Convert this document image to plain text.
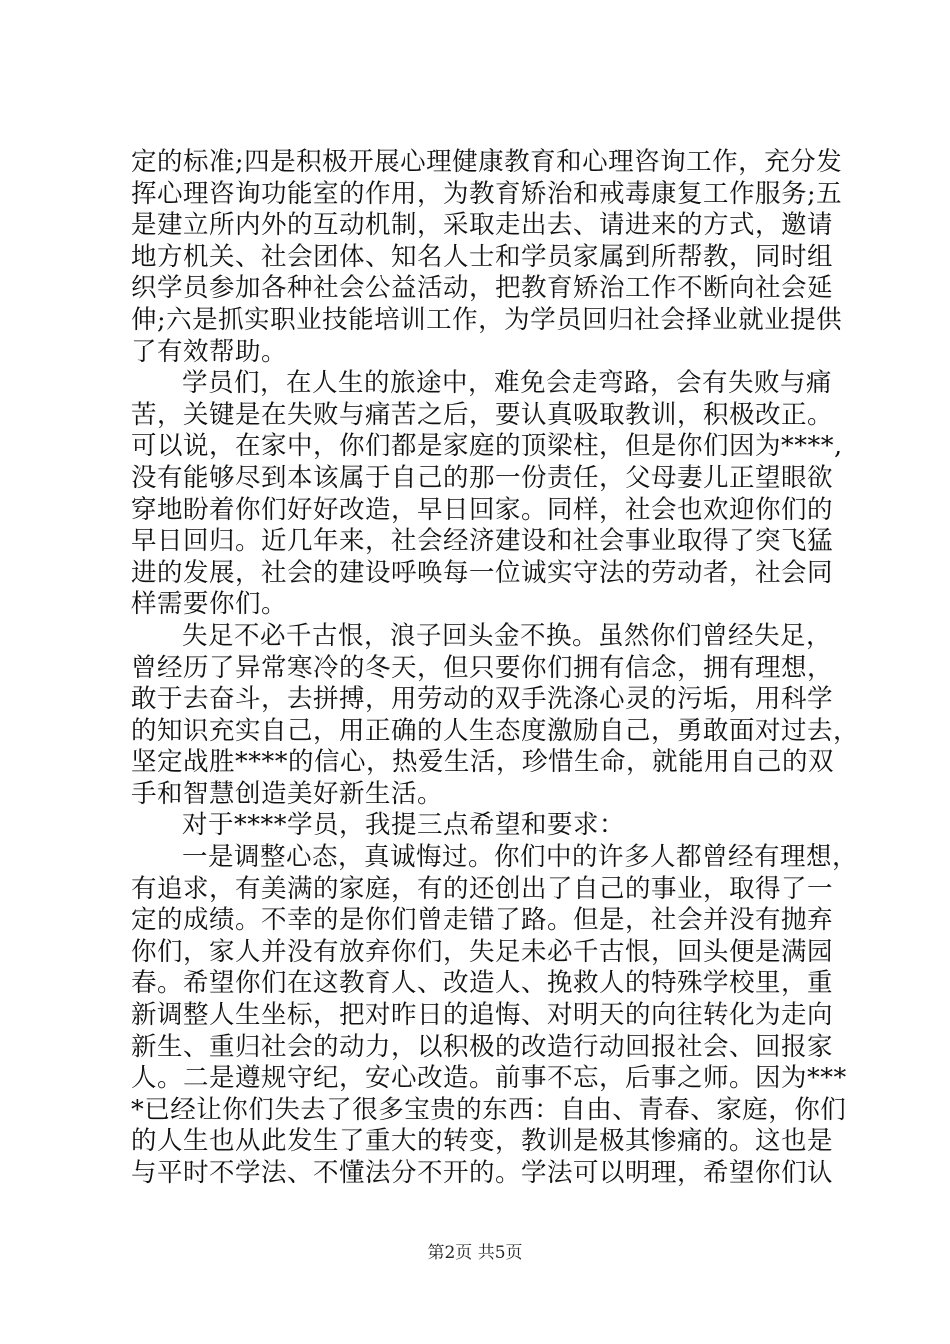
定的标准;四是积极开展心理健康教育和心理咨询工作，充分发
挥心理咨询功能室的作用，为教育矫治和戒毒康复工作服务;五
是建立所内外的互动机制，采取走出去、请进来的方式，邀请
地方机关、社会团体、知名人士和学员家属到所帮教，同时组
织学员参加各种社会公益活动，把教育矫治工作不断向社会延
伸;六是抓实职业技能培训工作，为学员回归社会择业就业提供
了有效帮助。
学员们，在人生的旅途中，难免会走弯路，会有失败与痛
苦，关键是在失败与痛苦之后，要认真吸取教训，积极改正。
可以说，在家中，你们都是家庭的顶梁柱，但是你们因为****,
没有能够尽到本该属于自己的那一份责任，父母妻儿正望眼欲
穿地盼着你们好好改造，早日回家。同样，社会也欢迎你们的
早日回归。近几年来，社会经济建设和社会事业取得了突飞猛
进的发展，社会的建设呼唤每一位诚实守法的劳动者，社会同
样需要你们。
失足不必千古恨，浪子回头金不换。虽然你们曾经失足，
曾经历了异常寒冷的冬天，但只要你们拥有信念，拥有理想，
敢于去奋斗，去拼搏，用劳动的双手洗涤心灵的污垢，用科学
的知识充实自己，用正确的人生态度激励自己，勇敢面对过去，
坚定战胜****的信心，热爱生活，珍惜生命，就能用自己的双
手和智慧创造美好新生活。
对于****学员，我提三点希望和要求：
一是调整心态，真诚悔过。你们中的许多人都曾经有理想，
有追求，有美满的家庭，有的还创出了自己的事业，取得了一
定的成绩。不幸的是你们曾走错了路。但是，社会并没有抛弃
你们，家人并没有放弃你们，失足未必千古恨，回头便是满园
春。希望你们在这教育人、改造人、挽救人的特殊学校里，重
新调整人生坐标，把对昨日的追悔、对明天的向往转化为走向
新生、重归社会的动力，以积极的改造行动回报社会、回报家
人。二是遵规守纪，安心改造。前事不忘，后事之师。因为***
*已经让你们失去了很多宝贵的东西：自由、青春、家庭，你们
的人生也从此发生了重大的转变，教训是极其惨痛的。这也是
与平时不学法、不懂法分不开的。学法可以明理，希望你们认
第2页 共5页
